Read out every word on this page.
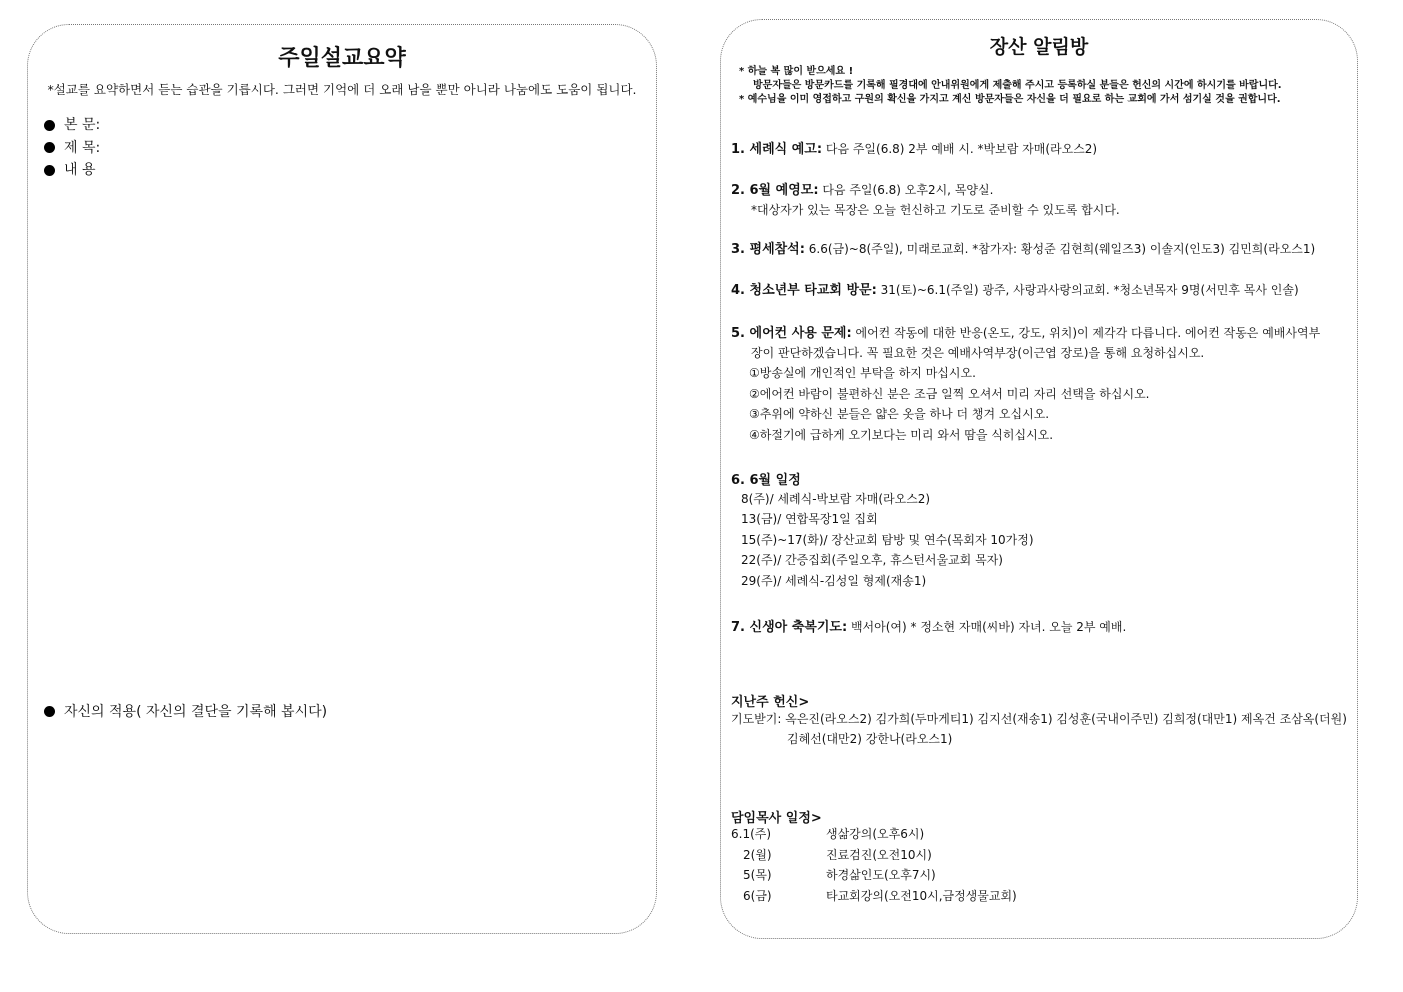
주일설교요약
*설교를 요약하면서 듣는 습관을 기릅시다. 그러면 기억에 더 오래 남을 뿐만 아니라 나눔에도 도움이 됩니다.
본 문:
제 목:
내 용
자신의 적용( 자신의 결단을 기록해 봅시다)
장산 알림방
* 하늘 복 많이 받으세요 !
방문자들은 방문카드를 기록해 필경대에 안내위원에게 제출해 주시고 등록하실 분들은 헌신의 시간에 하시기를 바랍니다.
* 예수님을 이미 영접하고 구원의 확신을 가지고 계신 방문자들은 자신을 더 필요로 하는 교회에 가서 섬기실 것을 권합니다.
1. 세례식 예고: 다음 주일(6.8) 2부 예배 시. *박보람 자매(라오스2)
2. 6월 예영모: 다음 주일(6.8) 오후2시, 목양실.
*대상자가 있는 목장은 오늘 헌신하고 기도로 준비할 수 있도록 합시다.
3. 평세참석: 6.6(금)~8(주일), 미래로교회. *참가자: 황성준 김현희(웨일즈3) 이솔지(인도3) 김민희(라오스1)
4. 청소년부 타교회 방문: 31(토)~6.1(주일) 광주, 사랑과사랑의교회. *청소년목자 9명(서민후 목사 인솔)
5. 에어컨 사용 문제: 에어컨 작동에 대한 반응(온도, 강도, 위치)이 제각각 다릅니다. 에어컨 작동은 예배사역부
장이 판단하겠습니다. 꼭 필요한 것은 예배사역부장(이근엽 장로)을 통해 요청하십시오.
①방송실에 개인적인 부탁을 하지 마십시오.
②에어컨 바람이 불편하신 분은 조금 일찍 오셔서 미리 자리 선택을 하십시오.
③추위에 약하신 분들은 얇은 옷을 하나 더 챙겨 오십시오.
④하절기에 급하게 오기보다는 미리 와서 땀을 식히십시오.
6. 6월 일정
8(주)/ 세례식-박보람 자매(라오스2)
13(금)/ 연합목장1일 집회
15(주)~17(화)/ 장산교회 탐방 및 연수(목회자 10가정)
22(주)/ 간증집회(주일오후, 휴스턴서울교회 목자)
29(주)/ 세례식-김성일 형제(재송1)
7. 신생아 축복기도: 백서아(여) * 정소현 자매(씨바) 자녀. 오늘 2부 예배.
지난주 헌신>
기도받기: 옥은진(라오스2) 김가희(두마게티1) 김지선(재송1) 김성훈(국내이주민) 김희정(대만1) 제옥건 조삼옥(더원)
김혜선(대만2) 강한나(라오스1)
담임목사 일정>
6.1(주)	생삶강의(오후6시)
2(월)	진료검진(오전10시)
5(목)	하경삶인도(오후7시)
6(금)	타교회강의(오전10시,금정생물교회)
